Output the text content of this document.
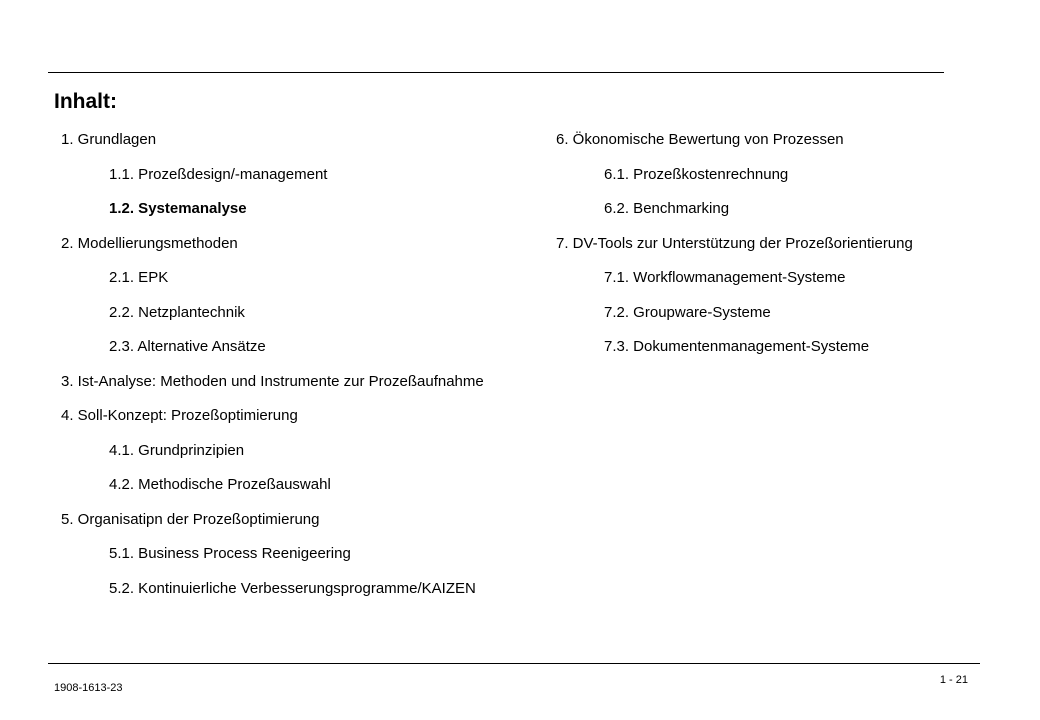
Inhalt:
1. Grundlagen
1.1. Prozeßdesign/-management
1.2. Systemanalyse
2. Modellierungsmethoden
2.1. EPK
2.2. Netzplantechnik
2.3. Alternative Ansätze
3. Ist-Analyse: Methoden und Instrumente zur Prozeßaufnahme
4. Soll-Konzept: Prozeßoptimierung
4.1. Grundprinzipien
4.2. Methodische Prozeßauswahl
5. Organisatipn der Prozeßoptimierung
5.1. Business Process Reenigeering
5.2. Kontinuierliche Verbesserungsprogramme/KAIZEN
6. Ökonomische Bewertung von Prozessen
6.1. Prozeßkostenrechnung
6.2. Benchmarking
7. DV-Tools zur Unterstützung der Prozeßorientierung
7.1. Workflowmanagement-Systeme
7.2. Groupware-Systeme
7.3. Dokumentenmanagement-Systeme
1908-1613-23
1 - 21
